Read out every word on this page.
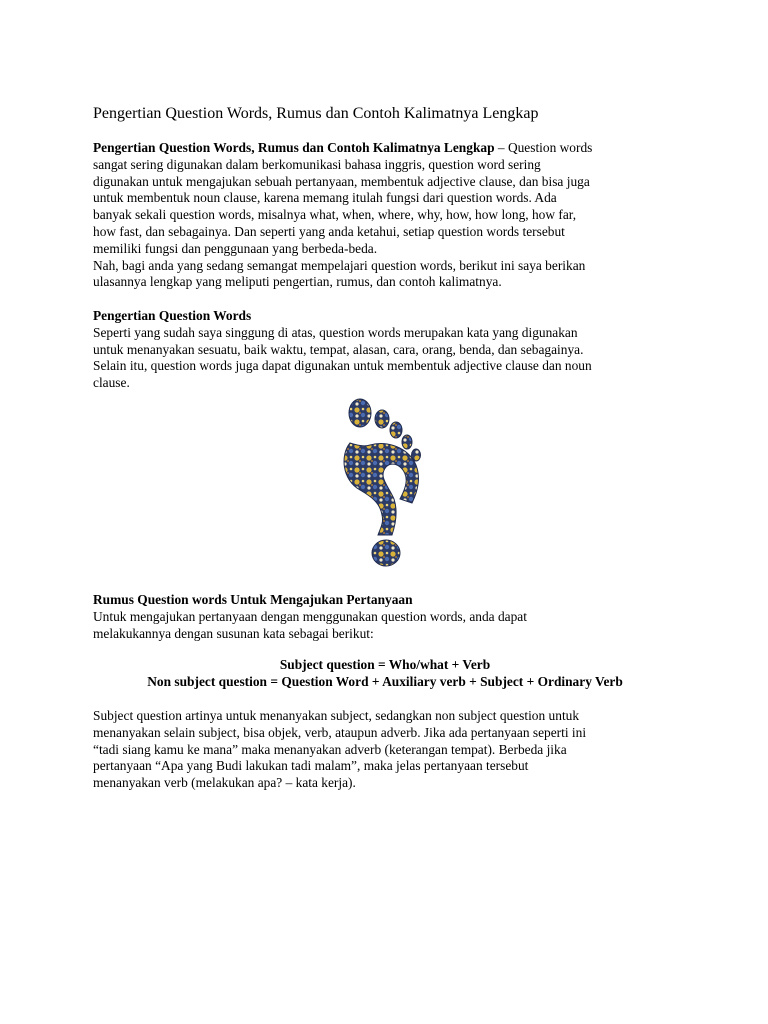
Pengertian Question Words, Rumus dan Contoh Kalimatnya Lengkap

Pengertian Question Words, Rumus dan Contoh Kalimatnya Lengkap – Question words

sangat sering digunakan dalam berkomunikasi bahasa inggris, question word sering

digunakan untuk mengajukan sebuah pertanyaan, membentuk adjective clause, dan bisa juga

untuk membentuk noun clause, karena memang itulah fungsi dari question words. Ada

banyak sekali question words, misalnya what, when, where, why, how, how long, how far,

how fast, dan sebagainya. Dan seperti yang anda ketahui, setiap question words tersebut

memiliki fungsi dan penggunaan yang berbeda-beda.

Nah, bagi anda yang sedang semangat mempelajari question words, berikut ini saya berikan

ulasannya lengkap yang meliputi pengertian, rumus, dan contoh kalimatnya.

Pengertian Question Words

Seperti yang sudah saya singgung di atas, question words merupakan kata yang digunakan

untuk menanyakan sesuatu, baik waktu, tempat, alasan, cara, orang, benda, dan sebagainya.

Selain itu, question words juga dapat digunakan untuk membentuk adjective clause dan noun

clause.

Rumus Question words Untuk Mengajukan Pertanyaan

Untuk mengajukan pertanyaan dengan menggunakan question words, anda dapat

melakukannya dengan susunan kata sebagai berikut:

Subject question = Who/what + Verb
Non subject question = Question Word + Auxiliary verb + Subject + Ordinary Verb

Subject question artinya untuk menanyakan subject, sedangkan non subject question untuk

menanyakan selain subject, bisa objek, verb, ataupun adverb. Jika ada pertanyaan seperti ini

“tadi siang kamu ke mana” maka menanyakan adverb (keterangan tempat). Berbeda jika

pertanyaan “Apa yang Budi lakukan tadi malam”, maka jelas pertanyaan tersebut

menanyakan verb (melakukan apa? – kata kerja).
